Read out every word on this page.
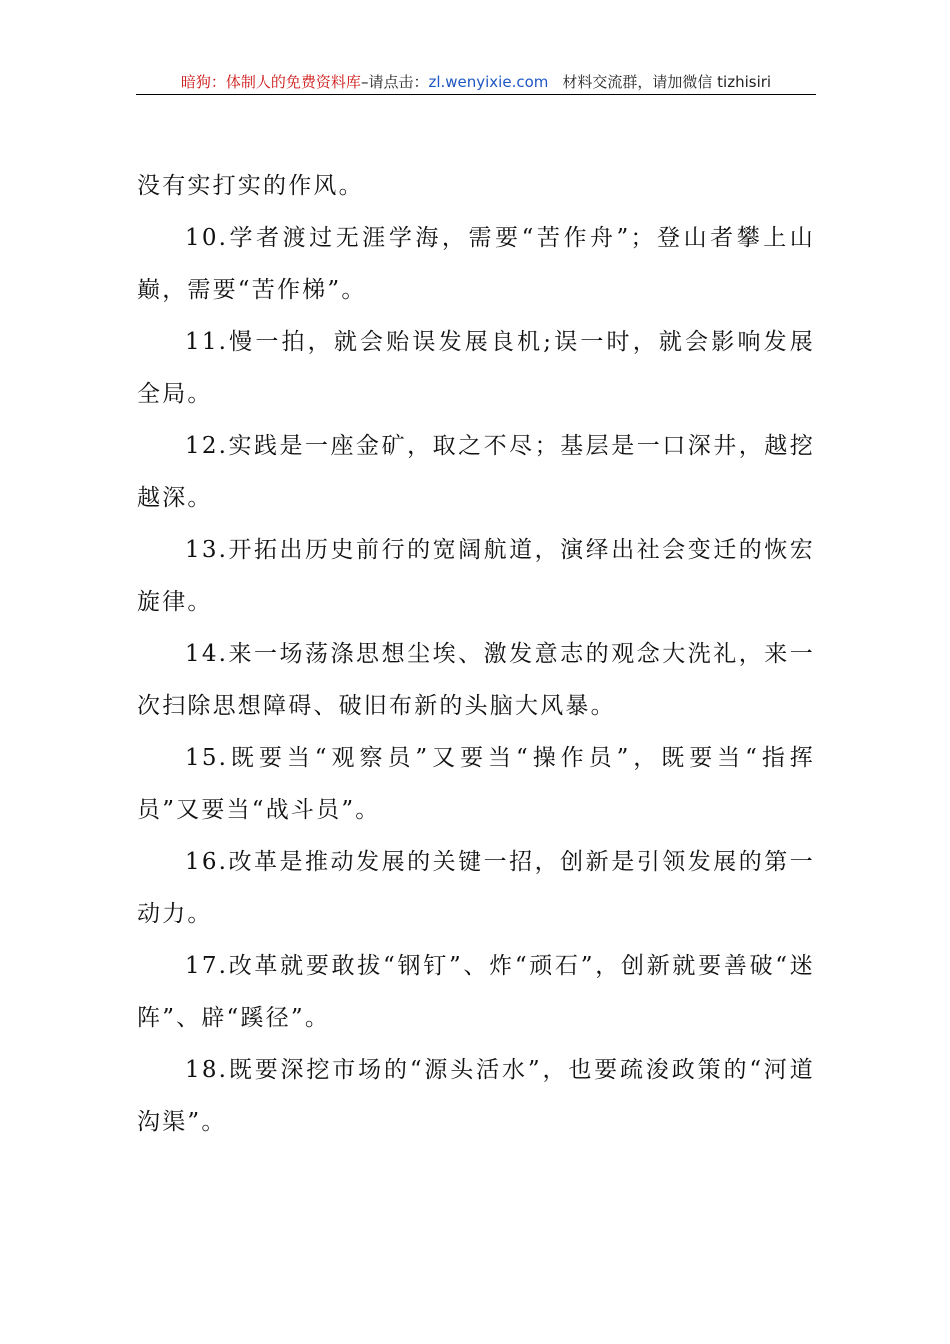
暗狗：体制人的免费资料库–请点击：zl.wenyixie.com 材料交流群，请加微信 tizhisiri

没有实打实的作风。

10.学者渡过无涯学海，需要“苦作舟”；登山者攀上山巅，需要“苦作梯”。

11.慢一拍，就会贻误发展良机;误一时，就会影响发展全局。

12.实践是一座金矿，取之不尽；基层是一口深井，越挖越深。

13.开拓出历史前行的宽阔航道，演绎出社会变迁的恢宏旋律。

14.来一场荡涤思想尘埃、激发意志的观念大洗礼，来一次扫除思想障碍、破旧布新的头脑大风暴。

15.既要当“观察员”又要当“操作员”，既要当“指挥员”又要当“战斗员”。

16.改革是推动发展的关键一招，创新是引领发展的第一动力。

17.改革就要敢拔“钢钉”、炸“顽石”，创新就要善破“迷阵”、辟“蹊径”。

18.既要深挖市场的“源头活水”，也要疏浚政策的“河道沟渠”。
